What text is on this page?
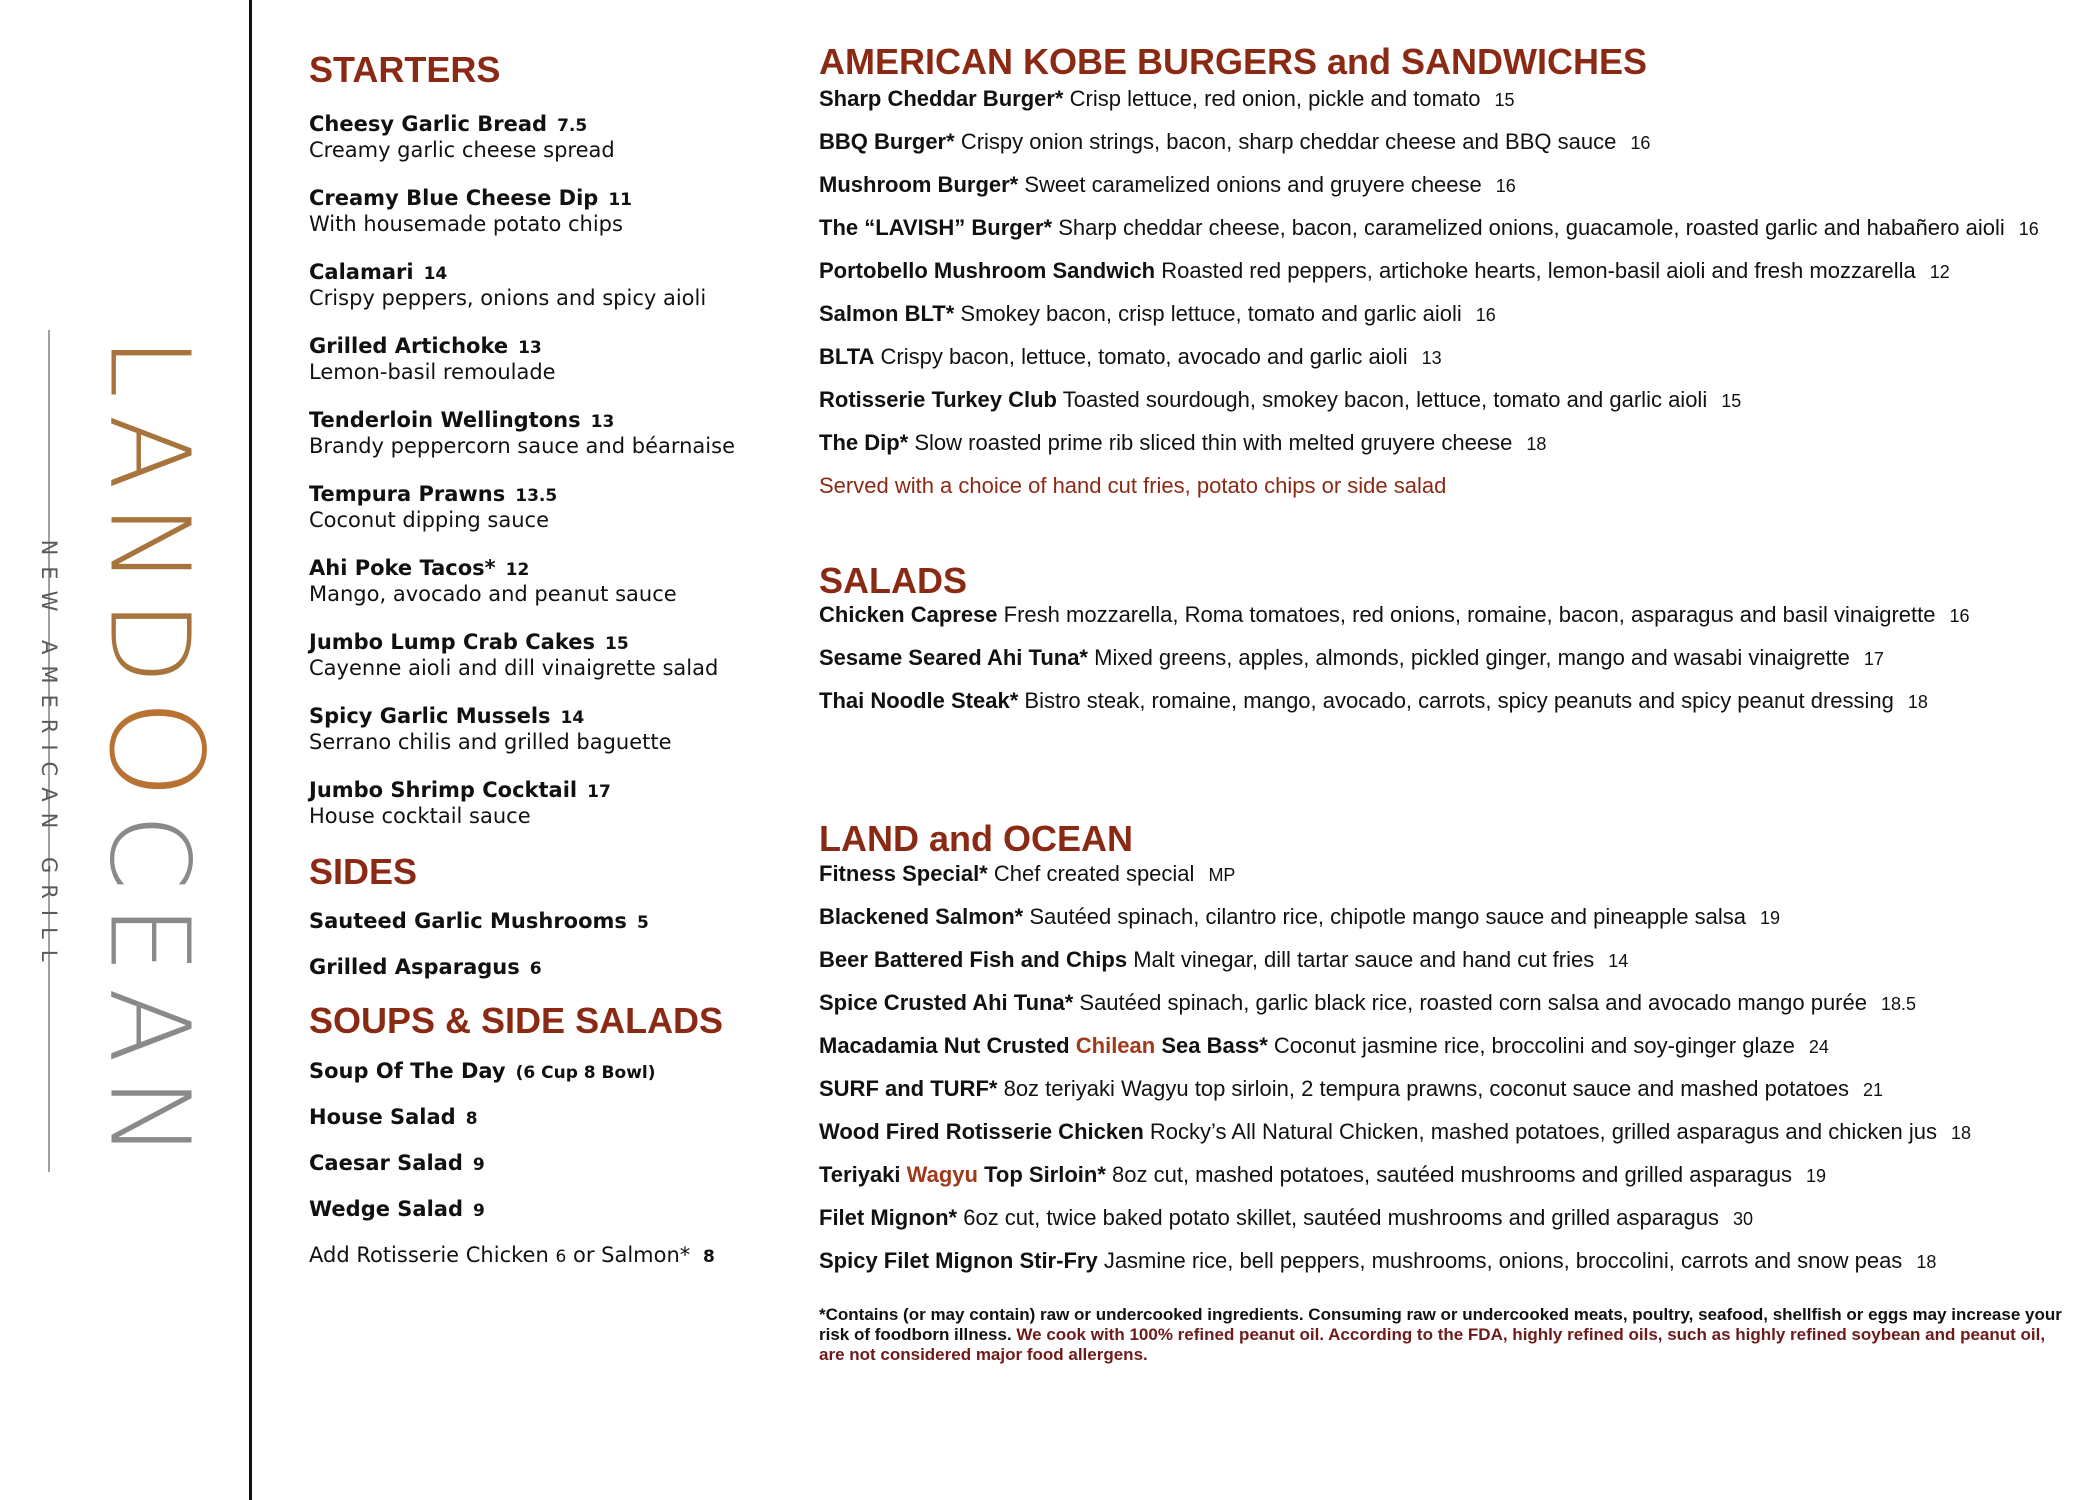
NEW AMERICAN GRILL
LANDOCEAN
STARTERS
Cheesy Garlic Bread 7.5
Creamy garlic cheese spread
Creamy Blue Cheese Dip 11
With housemade potato chips
Calamari 14
Crispy peppers, onions and spicy aioli
Grilled Artichoke 13
Lemon-basil remoulade
Tenderloin Wellingtons 13
Brandy peppercorn sauce and béarnaise
Tempura Prawns 13.5
Coconut dipping sauce
Ahi Poke Tacos* 12
Mango, avocado and peanut sauce
Jumbo Lump Crab Cakes 15
Cayenne aioli and dill vinaigrette salad
Spicy Garlic Mussels 14
Serrano chilis and grilled baguette
Jumbo Shrimp Cocktail 17
House cocktail sauce
SIDES
Sauteed Garlic Mushrooms 5
Grilled Asparagus 6
SOUPS & SIDE SALADS
Soup Of The Day (6 Cup 8 Bowl)
House Salad 8
Caesar Salad 9
Wedge Salad 9
Add Rotisserie Chicken 6 or Salmon* 8
AMERICAN KOBE BURGERS and SANDWICHES
Sharp Cheddar Burger* Crisp lettuce, red onion, pickle and tomato 15
BBQ Burger* Crispy onion strings, bacon, sharp cheddar cheese and BBQ sauce 16
Mushroom Burger* Sweet caramelized onions and gruyere cheese 16
The “LAVISH” Burger* Sharp cheddar cheese, bacon, caramelized onions, guacamole, roasted garlic and habañero aioli 16
Portobello Mushroom Sandwich Roasted red peppers, artichoke hearts, lemon-basil aioli and fresh mozzarella 12
Salmon BLT* Smokey bacon, crisp lettuce, tomato and garlic aioli 16
BLTA Crispy bacon, lettuce, tomato, avocado and garlic aioli 13
Rotisserie Turkey Club Toasted sourdough, smokey bacon, lettuce, tomato and garlic aioli 15
The Dip* Slow roasted prime rib sliced thin with melted gruyere cheese 18
Served with a choice of hand cut fries, potato chips or side salad
SALADS
Chicken Caprese Fresh mozzarella, Roma tomatoes, red onions, romaine, bacon, asparagus and basil vinaigrette 16
Sesame Seared Ahi Tuna* Mixed greens, apples, almonds, pickled ginger, mango and wasabi vinaigrette 17
Thai Noodle Steak* Bistro steak, romaine, mango, avocado, carrots, spicy peanuts and spicy peanut dressing 18
LAND and OCEAN
Fitness Special* Chef created special MP
Blackened Salmon* Sautéed spinach, cilantro rice, chipotle mango sauce and pineapple salsa 19
Beer Battered Fish and Chips Malt vinegar, dill tartar sauce and hand cut fries 14
Spice Crusted Ahi Tuna* Sautéed spinach, garlic black rice, roasted corn salsa and avocado mango purée 18.5
Macadamia Nut Crusted Chilean Sea Bass* Coconut jasmine rice, broccolini and soy-ginger glaze 24
SURF and TURF* 8oz teriyaki Wagyu top sirloin, 2 tempura prawns, coconut sauce and mashed potatoes 21
Wood Fired Rotisserie Chicken Rocky’s All Natural Chicken, mashed potatoes, grilled asparagus and chicken jus 18
Teriyaki Wagyu Top Sirloin* 8oz cut, mashed potatoes, sautéed mushrooms and grilled asparagus 19
Filet Mignon* 6oz cut, twice baked potato skillet, sautéed mushrooms and grilled asparagus 30
Spicy Filet Mignon Stir-Fry Jasmine rice, bell peppers, mushrooms, onions, broccolini, carrots and snow peas 18
*Contains (or may contain) raw or undercooked ingredients. Consuming raw or undercooked meats, poultry, seafood, shellfish or eggs may increase your risk of foodborn illness. We cook with 100% refined peanut oil. According to the FDA, highly refined oils, such as highly refined soybean and peanut oil, are not considered major food allergens.
